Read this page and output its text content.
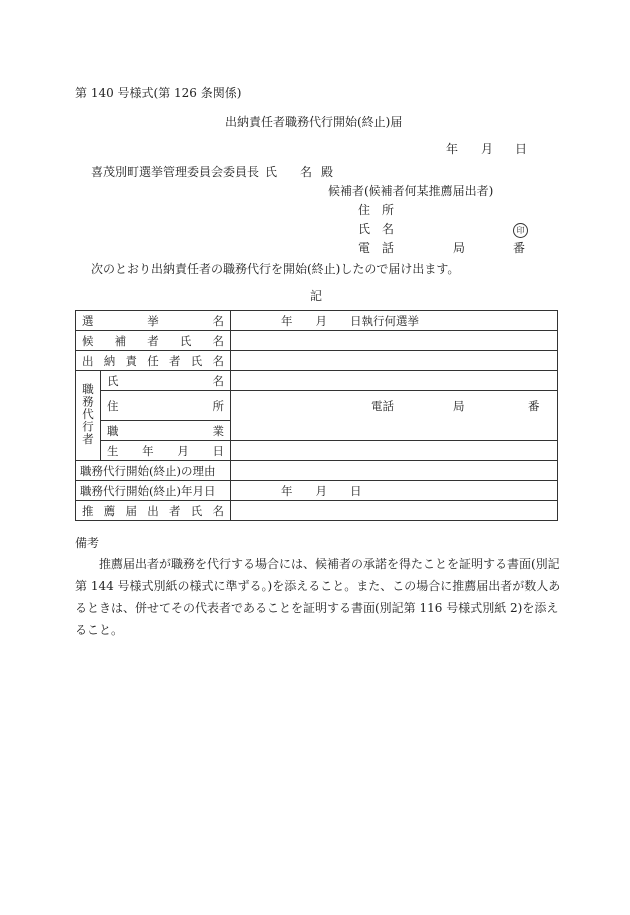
第 140 号様式(第 126 条関係)
出納責任者職務代行開始(終止)届
年 月 日
喜茂別町選挙管理委員会委員長 氏 名 殿
候補者(候補者何某推薦届出者)
住　所
氏　名	印
電　話	局	番
次のとおり出納責任者の職務代行を開始(終止)したので届け出ます。
記
選挙名		年　　月　　日執行何選挙

候補者氏名		

出納責任者氏名		

職務代行者	氏名	

	住所	電話 局 番

	職業	

	生年月日	

職務代行開始(終止)の理由		
職務代行開始(終止)年月日		年　　月　　日

推薦届出者氏名		

備考
推薦届出者が職務を代行する場合には、候補者の承諾を得たことを証明する書面(別記第 144 号様式別紙の様式に準ずる。)を添えること。また、この場合に推薦届出者が数人あるときは、併せてその代表者であることを証明する書面(別記第 116 号様式別紙 2)を添えること。
